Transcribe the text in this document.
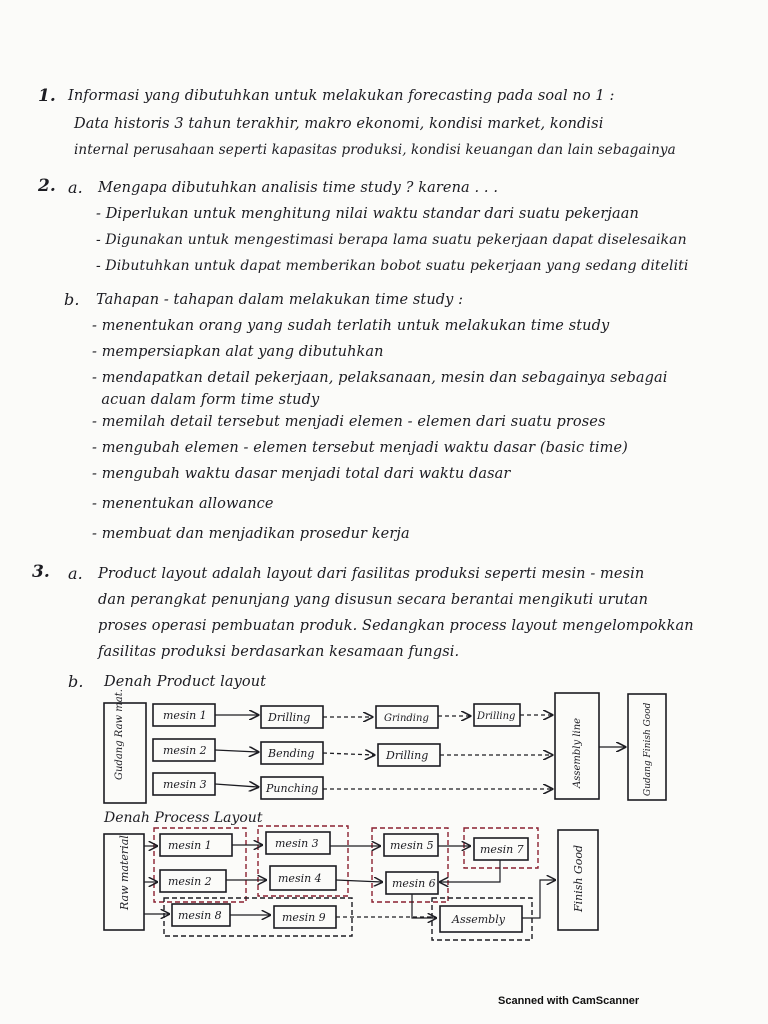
1. Informasi yang dibutuhkan untuk melakukan forecasting pada soal no 1 :
Data historis 3 tahun terakhir, makro ekonomi, kondisi market, kondisi
internal perusahaan seperti kapasitas produksi, kondisi keuangan dan lain sebagainya
2. a. Mengapa dibutuhkan analisis time study ? karena . . .
- Diperlukan untuk menghitung nilai waktu standar dari suatu pekerjaan
- Digunakan untuk mengestimasi berapa lama suatu pekerjaan dapat diselesaikan
- Dibutuhkan untuk dapat memberikan bobot suatu pekerjaan yang sedang diteliti
b. Tahapan - tahapan dalam melakukan time study :
- menentukan orang yang sudah terlatih untuk melakukan time study
- mempersiapkan alat yang dibutuhkan
- mendapatkan detail pekerjaan, pelaksanaan, mesin dan sebagainya sebagai
acuan dalam form time study
- memilah detail tersebut menjadi elemen - elemen dari suatu proses
- mengubah elemen - elemen tersebut menjadi waktu dasar (basic time)
- mengubah waktu dasar menjadi total dari waktu dasar
- menentukan allowance
- membuat dan menjadikan prosedur kerja
3. a. Product layout adalah layout dari fasilitas produksi seperti mesin - mesin
dan perangkat penunjang yang disusun secara berantai mengikuti urutan
proses operasi pembuatan produk. Sedangkan process layout mengelompokkan
fasilitas produksi berdasarkan kesamaan fungsi.
b. Denah Product layout
Gudang Raw mat.	mesin 1
mesin 2
mesin 3
Drilling	Grinding	Drilling
Bending	Drilling
Punching
Assembly line	Gudang Finish Good
Denah Process Layout
Raw material	mesin 1	mesin 3	mesin 5	mesin 7
mesin 2	mesin 4	mesin 6
mesin 8	mesin 9	Assembly
Finish Good
Scanned with CamScanner
